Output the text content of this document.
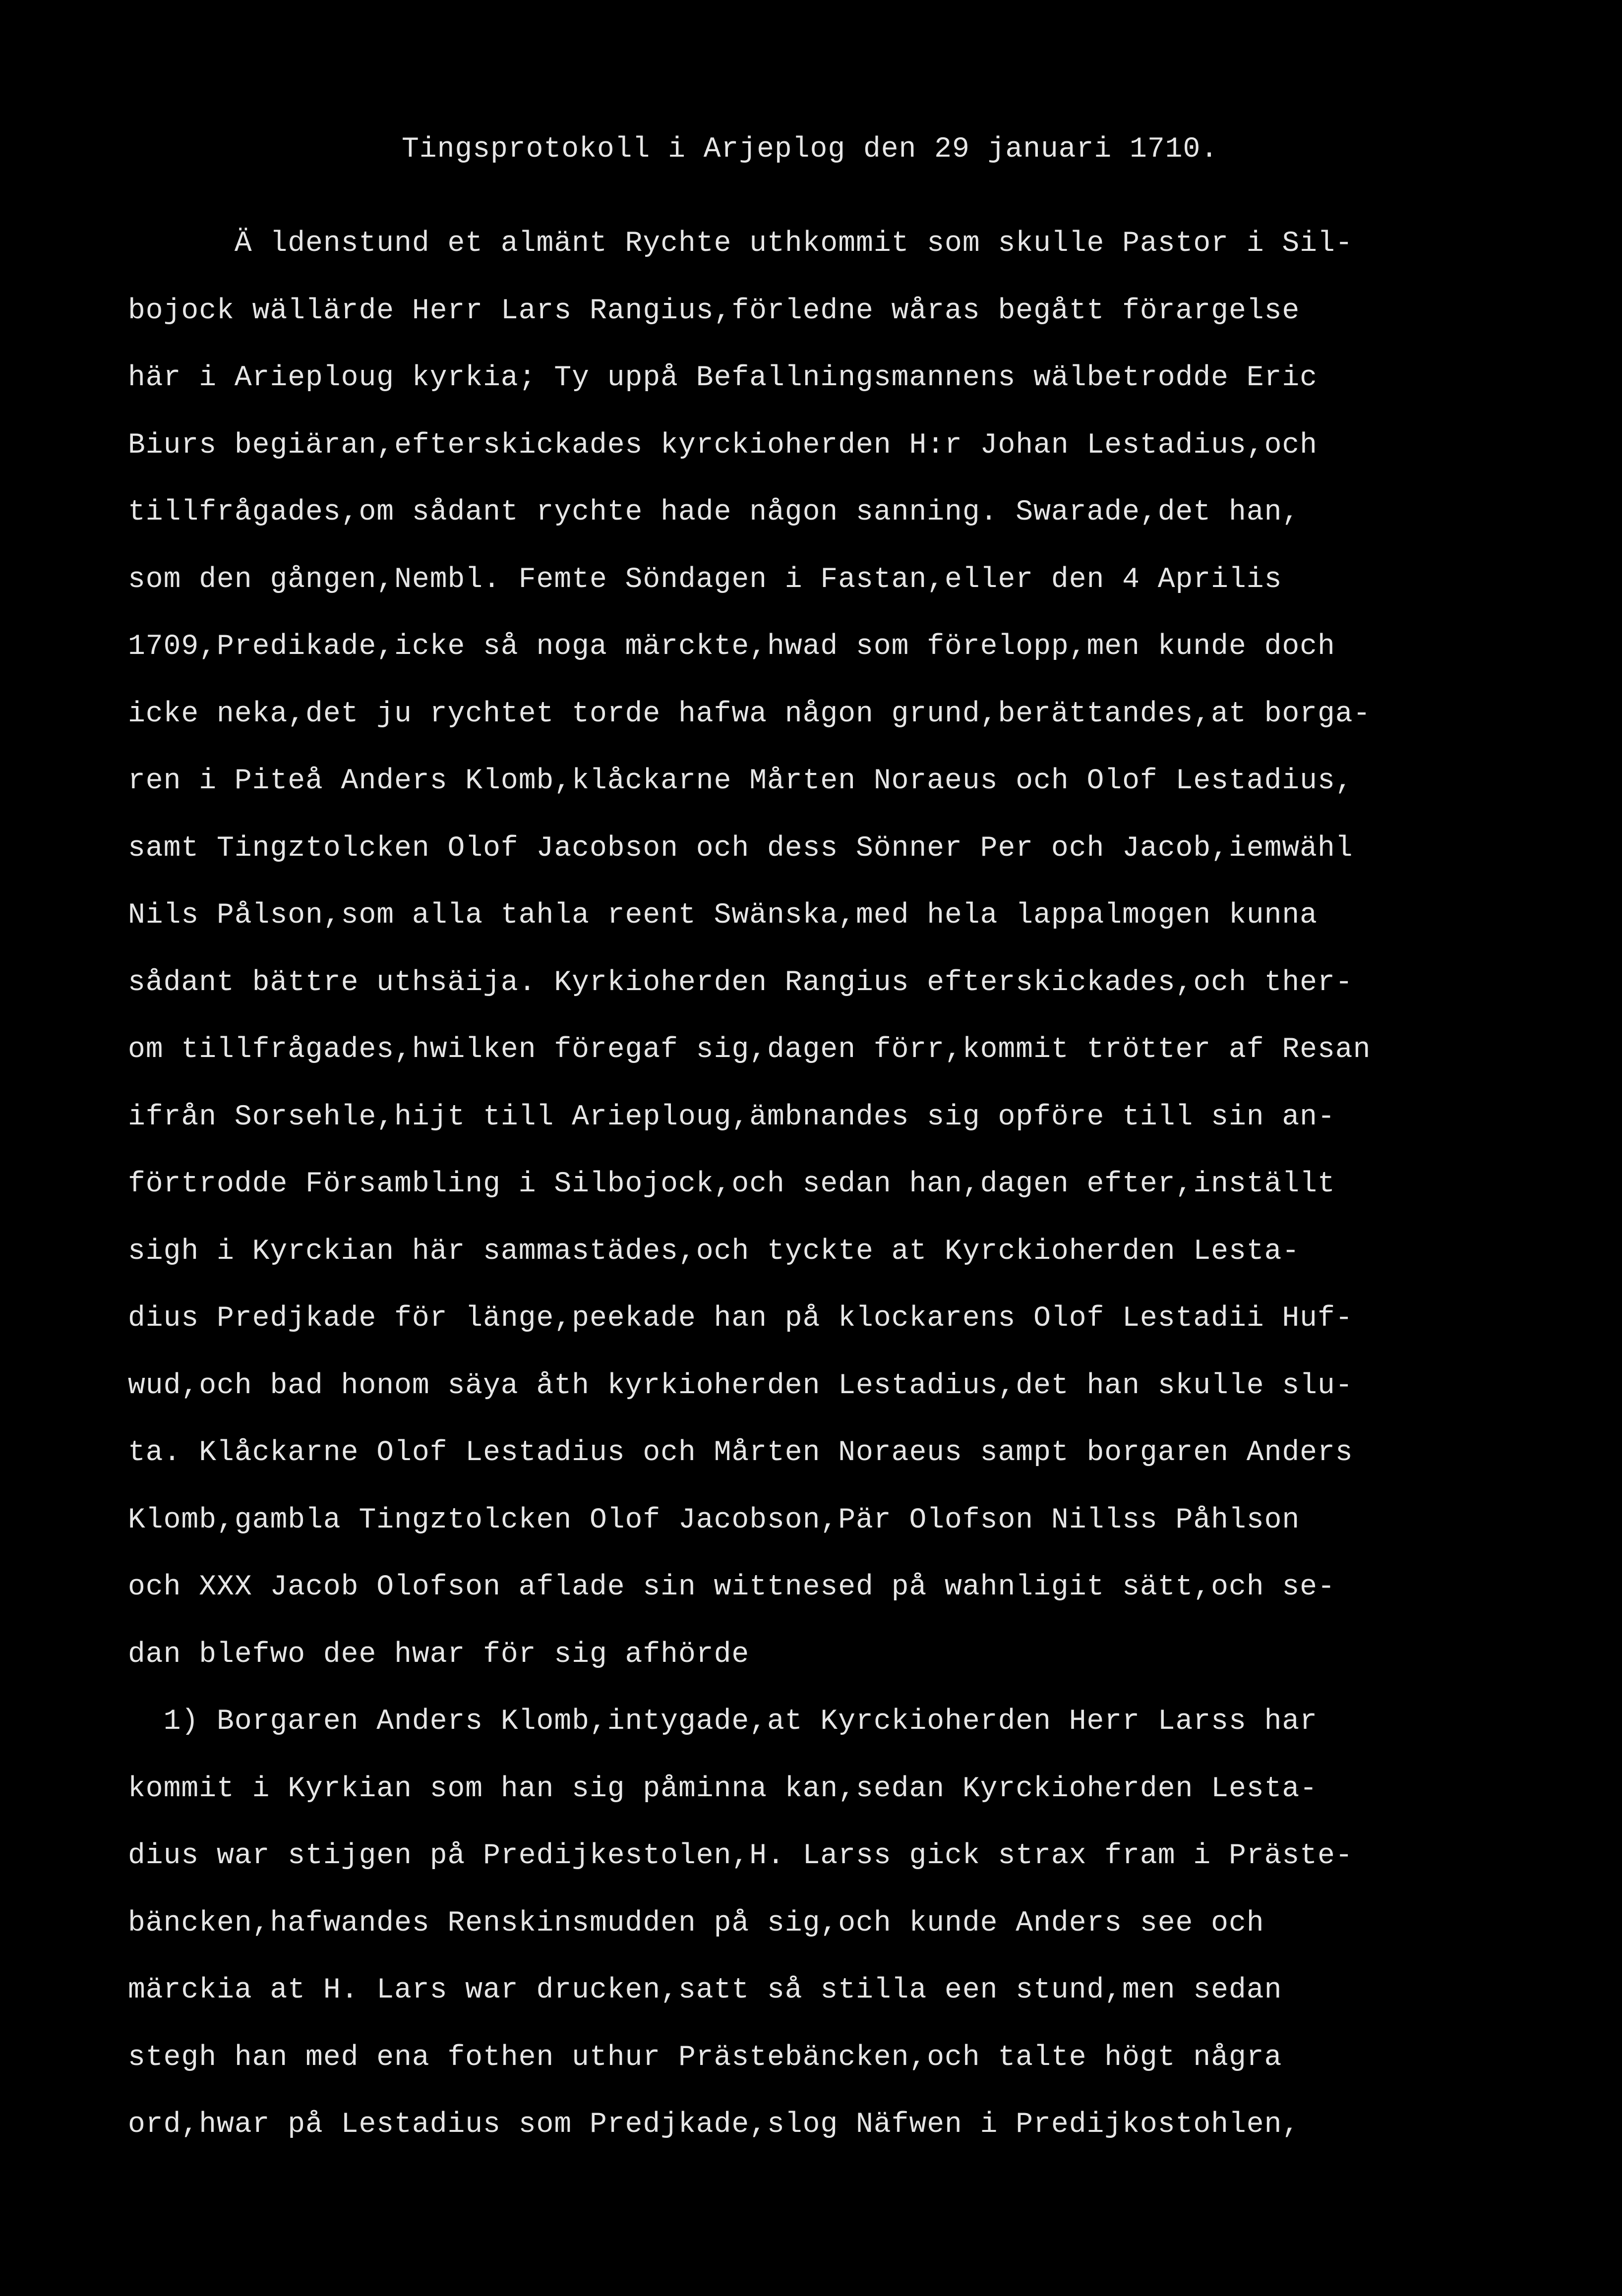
Tingsprotokoll i Arjeplog den 29 januari 1710.
Ä ldenstund et almänt Rychte uthkommit som skulle Pastor i Sil-
bojock wällärde Herr Lars Rangius,förledne wåras begått förargelse
här i Arieploug kyrkia; Ty uppå Befallningsmannens wälbetrodde Eric
Biurs begiäran,efterskickades kyrckioherden H:r Johan Lestadius,och
tillfrågades,om sådant rychte hade någon sanning. Swarade,det han,
som den gången,Nembl. Femte Söndagen i Fastan,eller den 4 Aprilis
1709,Predikade,icke så noga märckte,hwad som förelopp,men kunde doch
icke neka,det ju rychtet torde hafwa någon grund,berättandes,at borga-
ren i Piteå Anders Klomb,klåckarne Mårten Noraeus och Olof Lestadius,
samt Tingztolcken Olof Jacobson och dess Sönner Per och Jacob,iemwähl
Nils Pålson,som alla tahla reent Swänska,med hela lappalmogen kunna
sådant bättre uthsäija. Kyrkioherden Rangius efterskickades,och ther-
om tillfrågades,hwilken föregaf sig,dagen förr,kommit trötter af Resan
ifrån Sorsehle,hijt till Arieploug,ämbnandes sig opföre till sin an-
förtrodde Försambling i Silbojock,och sedan han,dagen efter,inställt
sigh i Kyrckian här sammastädes,och tyckte at Kyrckioherden Lesta-
dius Predjkade för länge,peekade han på klockarens Olof Lestadii Huf-
wud,och bad honom säya åth kyrkioherden Lestadius,det han skulle slu-
ta. Klåckarne Olof Lestadius och Mårten Noraeus sampt borgaren Anders
Klomb,gambla Tingztolcken Olof Jacobson,Pär Olofson Nillss Påhlson
och XXX Jacob Olofson aflade sin wittnesed på wahnligit sätt,och se-
dan blefwo dee hwar för sig afhörde
1) Borgaren Anders Klomb,intygade,at Kyrckioherden Herr Larss har
kommit i Kyrkian som han sig påminna kan,sedan Kyrckioherden Lesta-
dius war stijgen på Predijkestolen,H. Larss gick strax fram i Präste-
bäncken,hafwandes Renskinsmudden på sig,och kunde Anders see och
märckia at H. Lars war drucken,satt så stilla een stund,men sedan
stegh han med ena fothen uthur Prästebäncken,och talte högt några
ord,hwar på Lestadius som Predjkade,slog Näfwen i Predijkostohlen,
